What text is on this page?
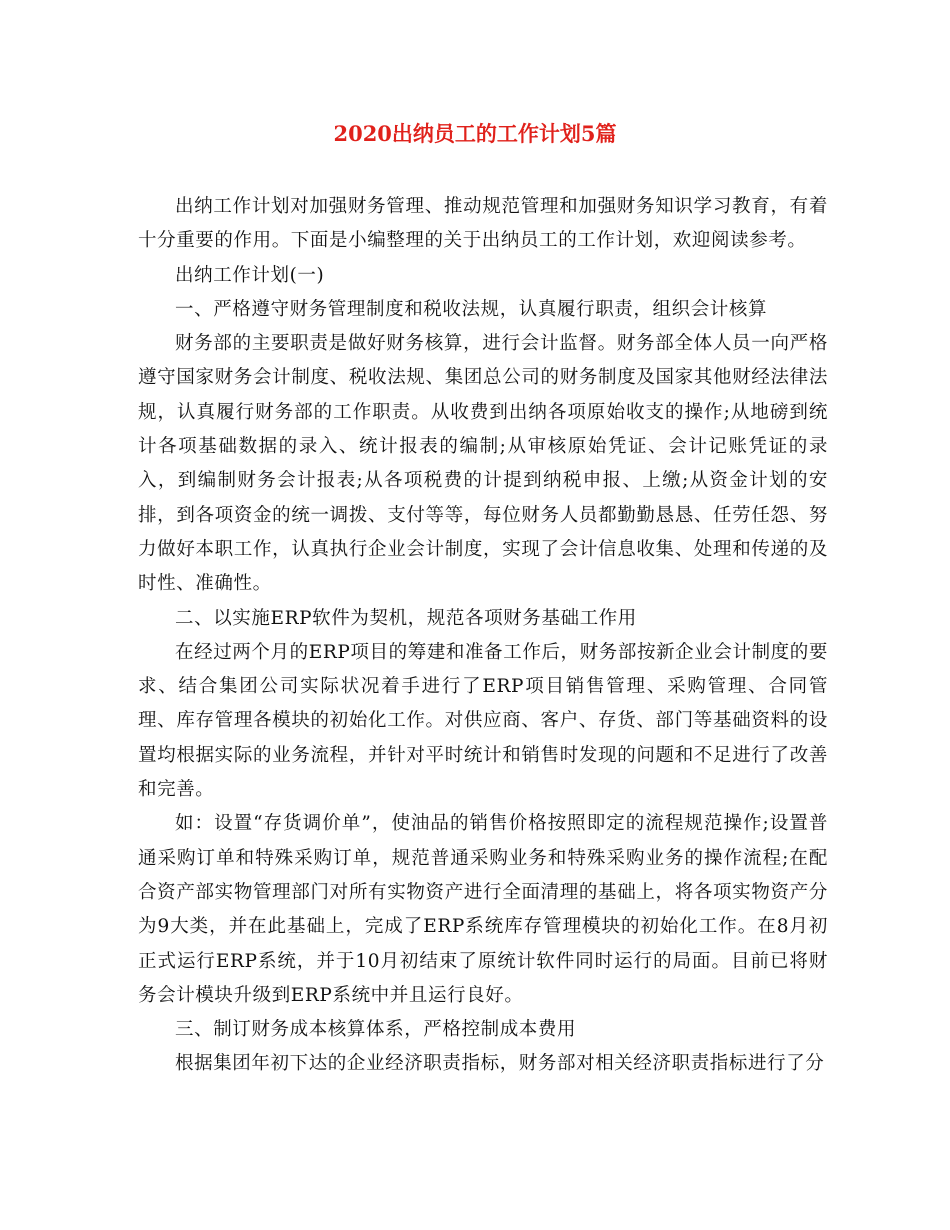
2020出纳员工的工作计划5篇

出纳工作计划对加强财务管理、推动规范管理和加强财务知识学习教育，有着十分重要的作用。下面是小编整理的关于出纳员工的工作计划，欢迎阅读参考。

出纳工作计划(一)

一、严格遵守财务管理制度和税收法规，认真履行职责，组织会计核算

财务部的主要职责是做好财务核算，进行会计监督。财务部全体人员一向严格遵守国家财务会计制度、税收法规、集团总公司的财务制度及国家其他财经法律法规，认真履行财务部的工作职责。从收费到出纳各项原始收支的操作;从地磅到统计各项基础数据的录入、统计报表的编制;从审核原始凭证、会计记账凭证的录入，到编制财务会计报表;从各项税费的计提到纳税申报、上缴;从资金计划的安排，到各项资金的统一调拨、支付等等，每位财务人员都勤勤恳恳、任劳任怨、努力做好本职工作，认真执行企业会计制度，实现了会计信息收集、处理和传递的及时性、准确性。

二、以实施ERP软件为契机，规范各项财务基础工作用

在经过两个月的ERP项目的筹建和准备工作后，财务部按新企业会计制度的要求、结合集团公司实际状况着手进行了ERP项目销售管理、采购管理、合同管理、库存管理各模块的初始化工作。对供应商、客户、存货、部门等基础资料的设置均根据实际的业务流程，并针对平时统计和销售时发现的问题和不足进行了改善和完善。

如：设置“存货调价单”，使油品的销售价格按照即定的流程规范操作;设置普通采购订单和特殊采购订单，规范普通采购业务和特殊采购业务的操作流程;在配合资产部实物管理部门对所有实物资产进行全面清理的基础上，将各项实物资产分为9大类，并在此基础上，完成了ERP系统库存管理模块的初始化工作。在8月初正式运行ERP系统，并于10月初结束了原统计软件同时运行的局面。目前已将财务会计模块升级到ERP系统中并且运行良好。

三、制订财务成本核算体系，严格控制成本费用

根据集团年初下达的企业经济职责指标，财务部对相关经济职责指标进行了分
